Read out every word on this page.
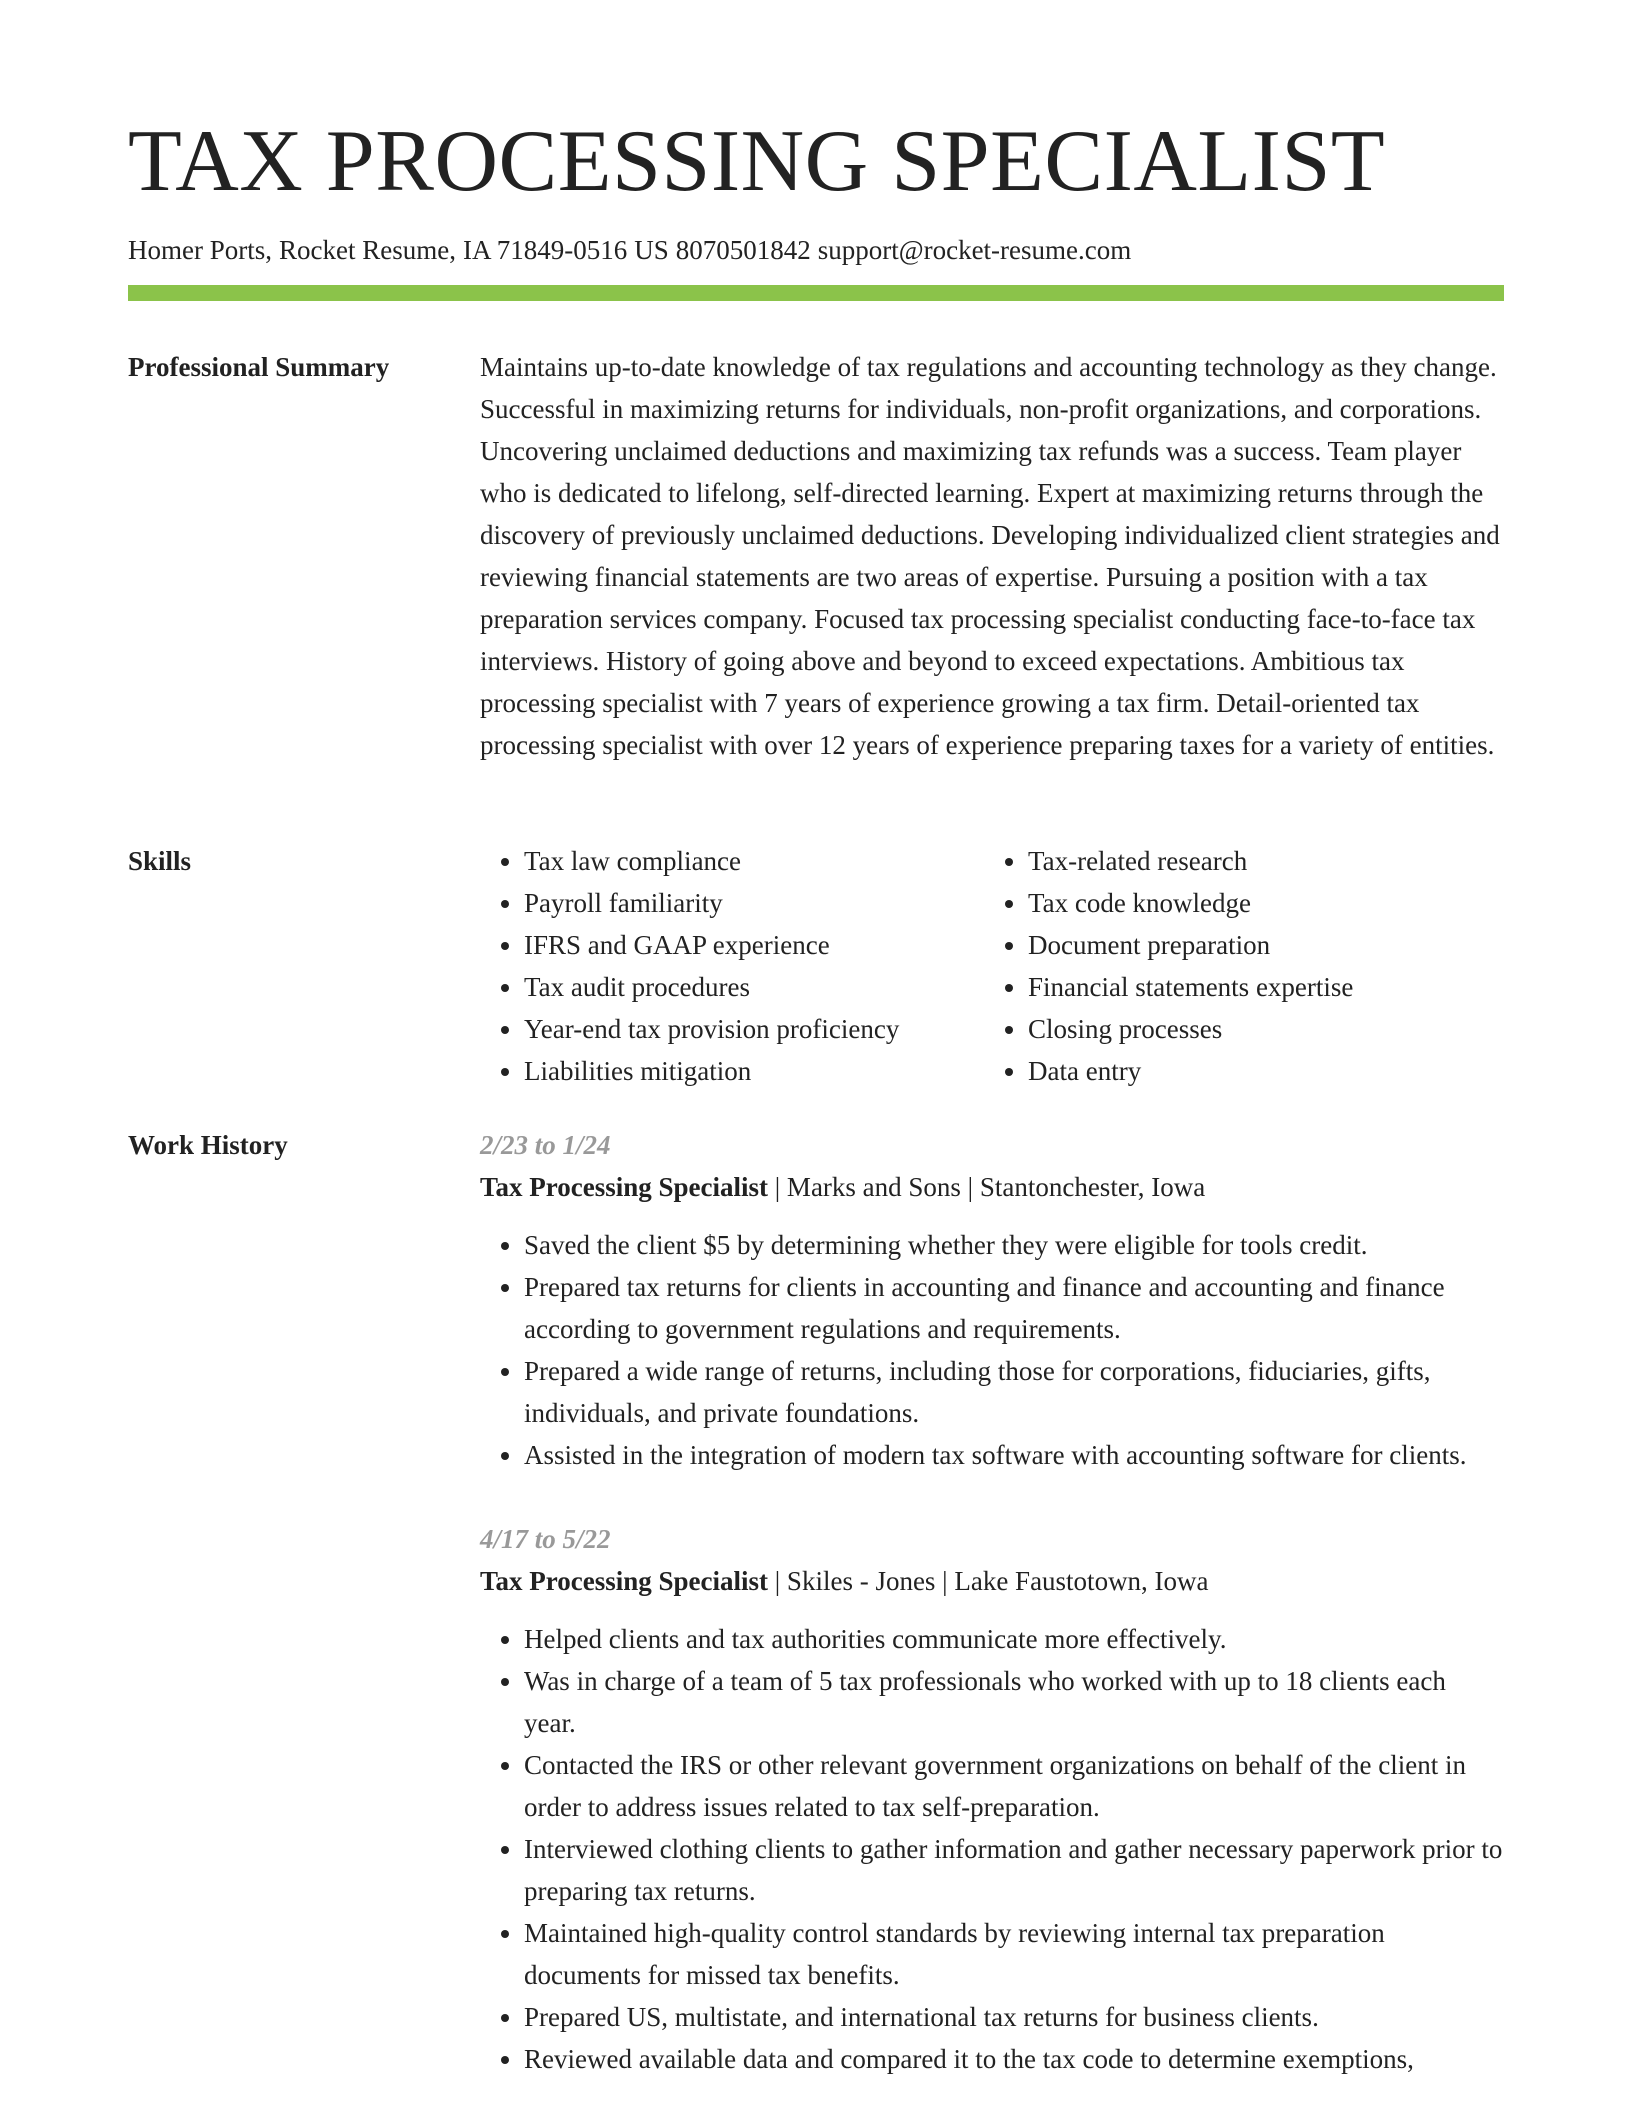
TAX PROCESSING SPECIALIST
Homer Ports, Rocket Resume, IA 71849-0516 US 8070501842 support@rocket-resume.com
Professional Summary	Maintains up-to-date knowledge of tax regulations and accounting technology as they change. Successful in maximizing returns for individuals, non-profit organizations, and corporations. Uncovering unclaimed deductions and maximizing tax refunds was a success. Team player who is dedicated to lifelong, self-directed learning. Expert at maximizing returns through the discovery of previously unclaimed deductions. Developing individualized client strategies and reviewing financial statements are two areas of expertise. Pursuing a position with a tax preparation services company. Focused tax processing specialist conducting face-to-face tax interviews. History of going above and beyond to exceed expectations. Ambitious tax processing specialist with 7 years of experience growing a tax firm. Detail-oriented tax processing specialist with over 12 years of experience preparing taxes for a variety of entities.

Skills
•	Tax law compliance
• Payroll familiarity
• IFRS and GAAP experience
• Tax audit procedures
• Year-end tax provision proficiency
• Liabilities mitigation
• Tax-related research
• Tax code knowledge
• Document preparation
• Financial statements expertise
• Closing processes
• Data entry
Work History	2/23 to 1/24
Tax Processing Specialist | Marks and Sons | Stantonchester, Iowa
• Saved the client $5 by determining whether they were eligible for tools credit.
• Prepared tax returns for clients in accounting and finance and accounting and finance according to government regulations and requirements.
• Prepared a wide range of returns, including those for corporations, fiduciaries, gifts, individuals, and private foundations.
• Assisted in the integration of modern tax software with accounting software for clients.
4/17 to 5/22
Tax Processing Specialist | Skiles - Jones | Lake Faustotown, Iowa
• Helped clients and tax authorities communicate more effectively.
• Was in charge of a team of 5 tax professionals who worked with up to 18 clients each year.
• Contacted the IRS or other relevant government organizations on behalf of the client in order to address issues related to tax self-preparation.
• Interviewed clothing clients to gather information and gather necessary paperwork prior to preparing tax returns.
• Maintained high-quality control standards by reviewing internal tax preparation documents for missed tax benefits.
• Prepared US, multistate, and international tax returns for business clients.
• Reviewed available data and compared it to the tax code to determine exemptions,
